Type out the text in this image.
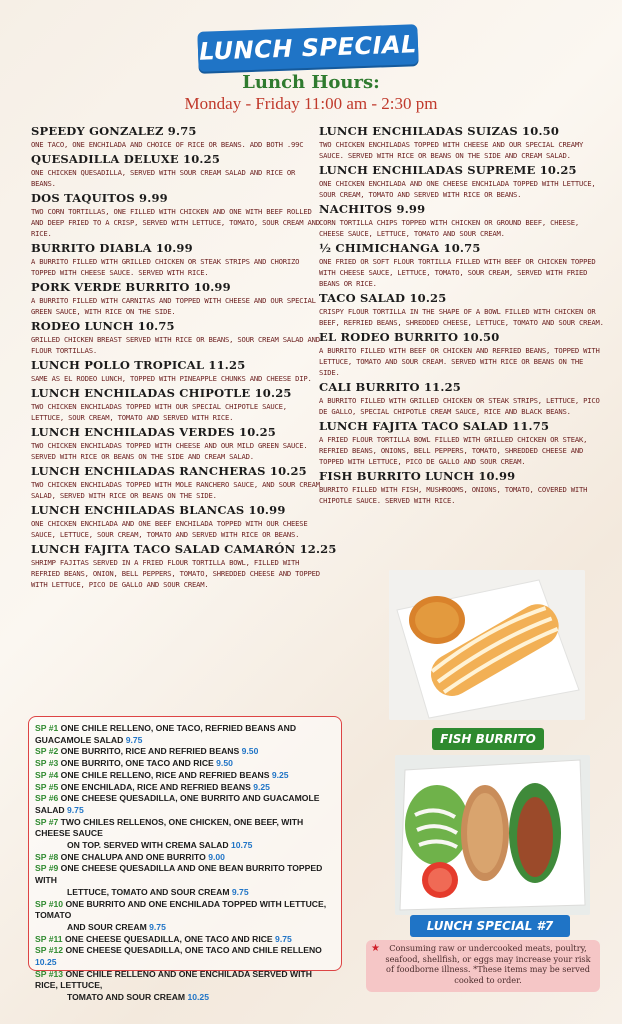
LUNCH SPECIAL
Lunch Hours:
Monday - Friday 11:00 am - 2:30 pm
SPEEDY GONZALEZ 9.75
ONE TACO, ONE ENCHILADA AND CHOICE OF RICE OR BEANS. ADD BOTH .99C
QUESADILLA DELUXE 10.25
ONE CHICKEN QUESADILLA, SERVED WITH SOUR CREAM SALAD AND RICE OR BEANS.
DOS TAQUITOS 9.99
TWO CORN TORTILLAS, ONE FILLED WITH CHICKEN AND ONE WITH BEEF ROLLED AND DEEP FRIED TO A CRISP, SERVED WITH LETTUCE, TOMATO, SOUR CREAM AND RICE.
BURRITO DIABLA 10.99
A BURRITO FILLED WITH GRILLED CHICKEN OR STEAK STRIPS AND CHORIZO TOPPED WITH CHEESE SAUCE. SERVED WITH RICE.
PORK VERDE BURRITO 10.99
A BURRITO FILLED WITH CARNITAS AND TOPPED WITH CHEESE AND OUR SPECIAL GREEN SAUCE, WITH RICE ON THE SIDE.
RODEO LUNCH 10.75
GRILLED CHICKEN BREAST SERVED WITH RICE OR BEANS, SOUR CREAM SALAD AND FLOUR TORTILLAS.
LUNCH POLLO TROPICAL 11.25
SAME AS EL RODEO LUNCH, TOPPED WITH PINEAPPLE CHUNKS AND CHEESE DIP.
LUNCH ENCHILADAS CHIPOTLE 10.25
TWO CHICKEN ENCHILADAS TOPPED WITH OUR SPECIAL CHIPOTLE SAUCE, LETTUCE, SOUR CREAM, TOMATO AND SERVED WITH RICE.
LUNCH ENCHILADAS VERDES 10.25
TWO CHICKEN ENCHILADAS TOPPED WITH CHEESE AND OUR MILD GREEN SAUCE. SERVED WITH RICE OR BEANS ON THE SIDE AND CREAM SALAD.
LUNCH ENCHILADAS RANCHERAS 10.25
TWO CHICKEN ENCHILADAS TOPPED WITH MOLE RANCHERO SAUCE, AND SOUR CREAM SALAD, SERVED WITH RICE OR BEANS ON THE SIDE.
LUNCH ENCHILADAS BLANCAS 10.99
ONE CHICKEN ENCHILADA AND ONE BEEF ENCHILADA TOPPED WITH OUR CHEESE SAUCE, LETTUCE, SOUR CREAM, TOMATO AND SERVED WITH RICE OR BEANS.
LUNCH FAJITA TACO SALAD CAMARÓN 12.25
SHRIMP FAJITAS SERVED IN A FRIED FLOUR TORTILLA BOWL, FILLED WITH REFRIED BEANS, ONION, BELL PEPPERS, TOMATO, SHREDDED CHEESE AND TOPPED WITH LETTUCE, PICO DE GALLO AND SOUR CREAM.
LUNCH ENCHILADAS SUIZAS 10.50
TWO CHICKEN ENCHILADAS TOPPED WITH CHEESE AND OUR SPECIAL CREAMY SAUCE. SERVED WITH RICE OR BEANS ON THE SIDE AND CREAM SALAD.
LUNCH ENCHILADAS SUPREME 10.25
ONE CHICKEN ENCHILADA AND ONE CHEESE ENCHILADA TOPPED WITH LETTUCE, SOUR CREAM, TOMATO AND SERVED WITH RICE OR BEANS.
NACHITOS 9.99
CORN TORTILLA CHIPS TOPPED WITH CHICKEN OR GROUND BEEF, CHEESE, CHEESE SAUCE, LETTUCE, TOMATO AND SOUR CREAM.
½ CHIMICHANGA 10.75
ONE FRIED OR SOFT FLOUR TORTILLA FILLED WITH BEEF OR CHICKEN TOPPED WITH CHEESE SAUCE, LETTUCE, TOMATO, SOUR CREAM, SERVED WITH FRIED BEANS OR RICE.
TACO SALAD 10.25
CRISPY FLOUR TORTILLA IN THE SHAPE OF A BOWL FILLED WITH CHICKEN OR BEEF, REFRIED BEANS, SHREDDED CHEESE, LETTUCE, TOMATO AND SOUR CREAM.
EL RODEO BURRITO 10.50
A BURRITO FILLED WITH BEEF OR CHICKEN AND REFRIED BEANS, TOPPED WITH LETTUCE, TOMATO AND SOUR CREAM. SERVED WITH RICE OR BEANS ON THE SIDE.
CALI BURRITO 11.25
A BURRITO FILLED WITH GRILLED CHICKEN OR STEAK STRIPS, LETTUCE, PICO DE GALLO, SPECIAL CHIPOTLE CREAM SAUCE, RICE AND BLACK BEANS.
LUNCH FAJITA TACO SALAD 11.75
A FRIED FLOUR TORTILLA BOWL FILLED WITH GRILLED CHICKEN OR STEAK, REFRIED BEANS, ONIONS, BELL PEPPERS, TOMATO, SHREDDED CHEESE AND TOPPED WITH LETTUCE, PICO DE GALLO AND SOUR CREAM.
FISH BURRITO LUNCH 10.99
BURRITO FILLED WITH FISH, MUSHROOMS, ONIONS, TOMATO, COVERED WITH CHIPOTLE SAUCE. SERVED WITH RICE.
SP #1 ONE CHILE RELLENO, ONE TACO, REFRIED BEANS AND GUACAMOLE SALAD 9.75
SP #2 ONE BURRITO, RICE AND REFRIED BEANS 9.50
SP #3 ONE BURRITO, ONE TACO AND RICE 9.50
SP #4 ONE CHILE RELLENO, RICE AND REFRIED BEANS 9.25
SP #5 ONE ENCHILADA, RICE AND REFRIED BEANS 9.25
SP #6 ONE CHEESE QUESADILLA, ONE BURRITO AND GUACAMOLE SALAD 9.75
SP #7 TWO CHILES RELLENOS, ONE CHICKEN, ONE BEEF, WITH CHEESE SAUCE
ON TOP. SERVED WITH CREMA SALAD 10.75
SP #8 ONE CHALUPA AND ONE BURRITO 9.00
SP #9 ONE CHEESE QUESADILLA AND ONE BEAN BURRITO TOPPED WITH
LETTUCE, TOMATO AND SOUR CREAM 9.75
SP #10 ONE BURRITO AND ONE ENCHILADA TOPPED WITH LETTUCE, TOMATO
AND SOUR CREAM 9.75
SP #11 ONE CHEESE QUESADILLA, ONE TACO AND RICE 9.75
SP #12 ONE CHEESE QUESADILLA, ONE TACO AND CHILE RELLENO 10.25
SP #13 ONE CHILE RELLENO AND ONE ENCHILADA SERVED WITH RICE, LETTUCE,
TOMATO AND SOUR CREAM 10.25
FISH BURRITO
LUNCH SPECIAL #7
★ Consuming raw or undercooked meats, poultry, seafood, shellfish, or eggs may increase your risk of foodborne illness. *These items may be served cooked to order.
